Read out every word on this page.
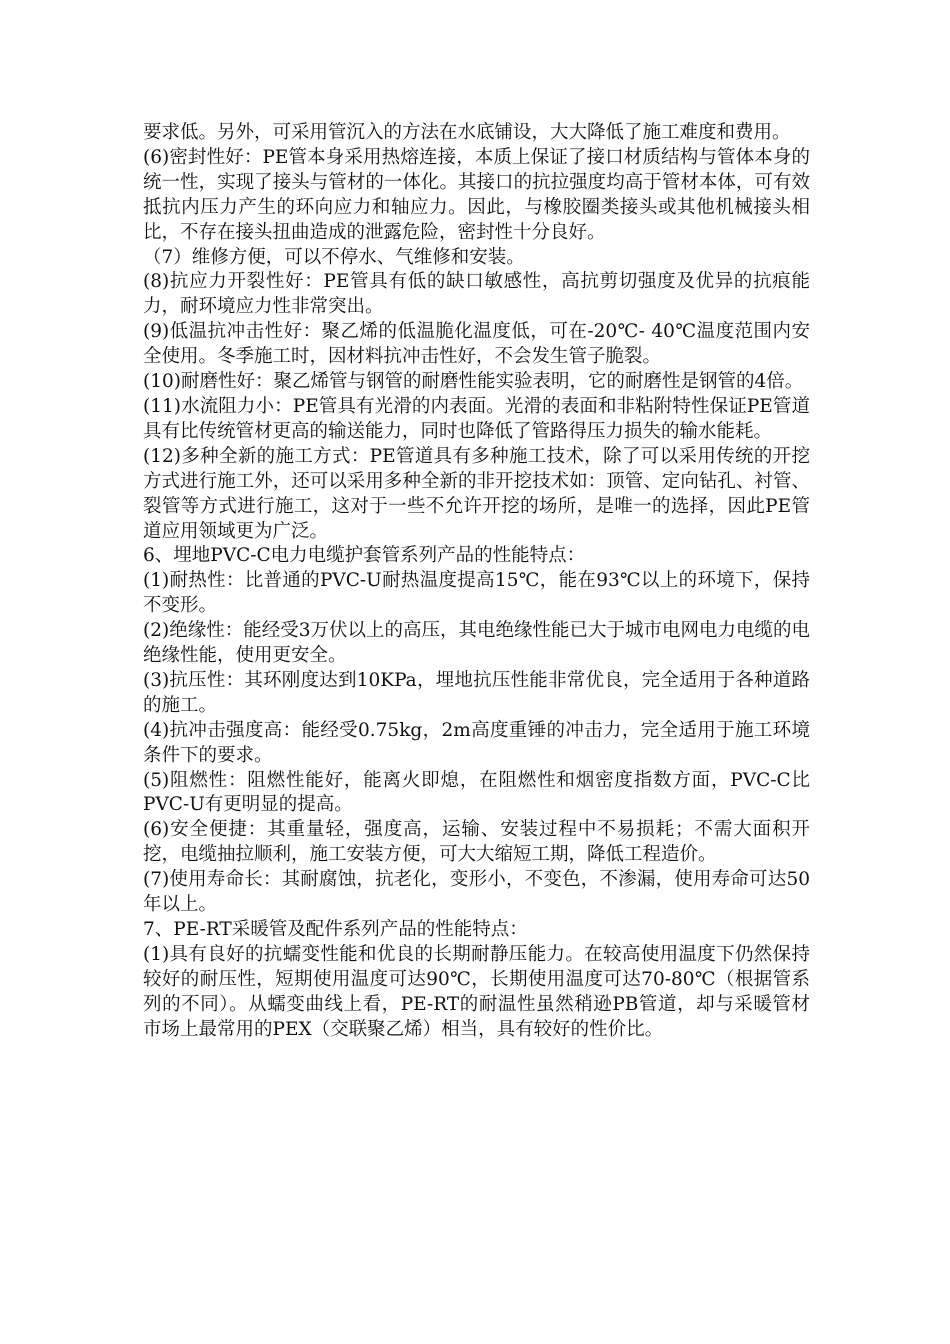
要求低。另外，可采用管沉入的方法在水底铺设，大大降低了施工难度和费用。

(6)密封性好：PE管本身采用热熔连接，本质上保证了接口材质结构与管体本身的统一性，实现了接头与管材的一体化。其接口的抗拉强度均高于管材本体，可有效抵抗内压力产生的环向应力和轴应力。因此，与橡胶圈类接头或其他机械接头相比，不存在接头扭曲造成的泄露危险，密封性十分良好。

（7）维修方便，可以不停水、气维修和安装。

(8)抗应力开裂性好：PE管具有低的缺口敏感性，高抗剪切强度及优异的抗痕能力，耐环境应力性非常突出。

(9)低温抗冲击性好：聚乙烯的低温脆化温度低，可在-20℃- 40℃温度范围内安全使用。冬季施工时，因材料抗冲击性好，不会发生管子脆裂。

(10)耐磨性好：聚乙烯管与钢管的耐磨性能实验表明，它的耐磨性是钢管的4倍。

(11)水流阻力小：PE管具有光滑的内表面。光滑的表面和非粘附特性保证PE管道具有比传统管材更高的输送能力，同时也降低了管路得压力损失的输水能耗。

(12)多种全新的施工方式：PE管道具有多种施工技术，除了可以采用传统的开挖方式进行施工外，还可以采用多种全新的非开挖技术如：顶管、定向钻孔、衬管、裂管等方式进行施工，这对于一些不允许开挖的场所，是唯一的选择，因此PE管道应用领域更为广泛。

6、埋地PVC-C电力电缆护套管系列产品的性能特点：

(1)耐热性：比普通的PVC-U耐热温度提高15℃，能在93℃以上的环境下，保持不变形。

(2)绝缘性：能经受3万伏以上的高压，其电绝缘性能已大于城市电网电力电缆的电绝缘性能，使用更安全。

(3)抗压性：其环刚度达到10KPa，埋地抗压性能非常优良，完全适用于各种道路的施工。

(4)抗冲击强度高：能经受0.75kg，2m高度重锤的冲击力，完全适用于施工环境条件下的要求。

(5)阻燃性：阻燃性能好，能离火即熄，在阻燃性和烟密度指数方面，PVC-C比PVC-U有更明显的提高。

(6)安全便捷：其重量轻，强度高，运输、安装过程中不易损耗；不需大面积开挖，电缆抽拉顺利，施工安装方便，可大大缩短工期，降低工程造价。

(7)使用寿命长：其耐腐蚀，抗老化，变形小，不变色，不渗漏，使用寿命可达50年以上。

7、PE-RT采暖管及配件系列产品的性能特点：

(1)具有良好的抗蠕变性能和优良的长期耐静压能力。在较高使用温度下仍然保持较好的耐压性，短期使用温度可达90℃，长期使用温度可达70-80℃（根据管系列的不同）。从蠕变曲线上看，PE-RT的耐温性虽然稍逊PB管道，却与采暖管材市场上最常用的PEX（交联聚乙烯）相当，具有较好的性价比。
